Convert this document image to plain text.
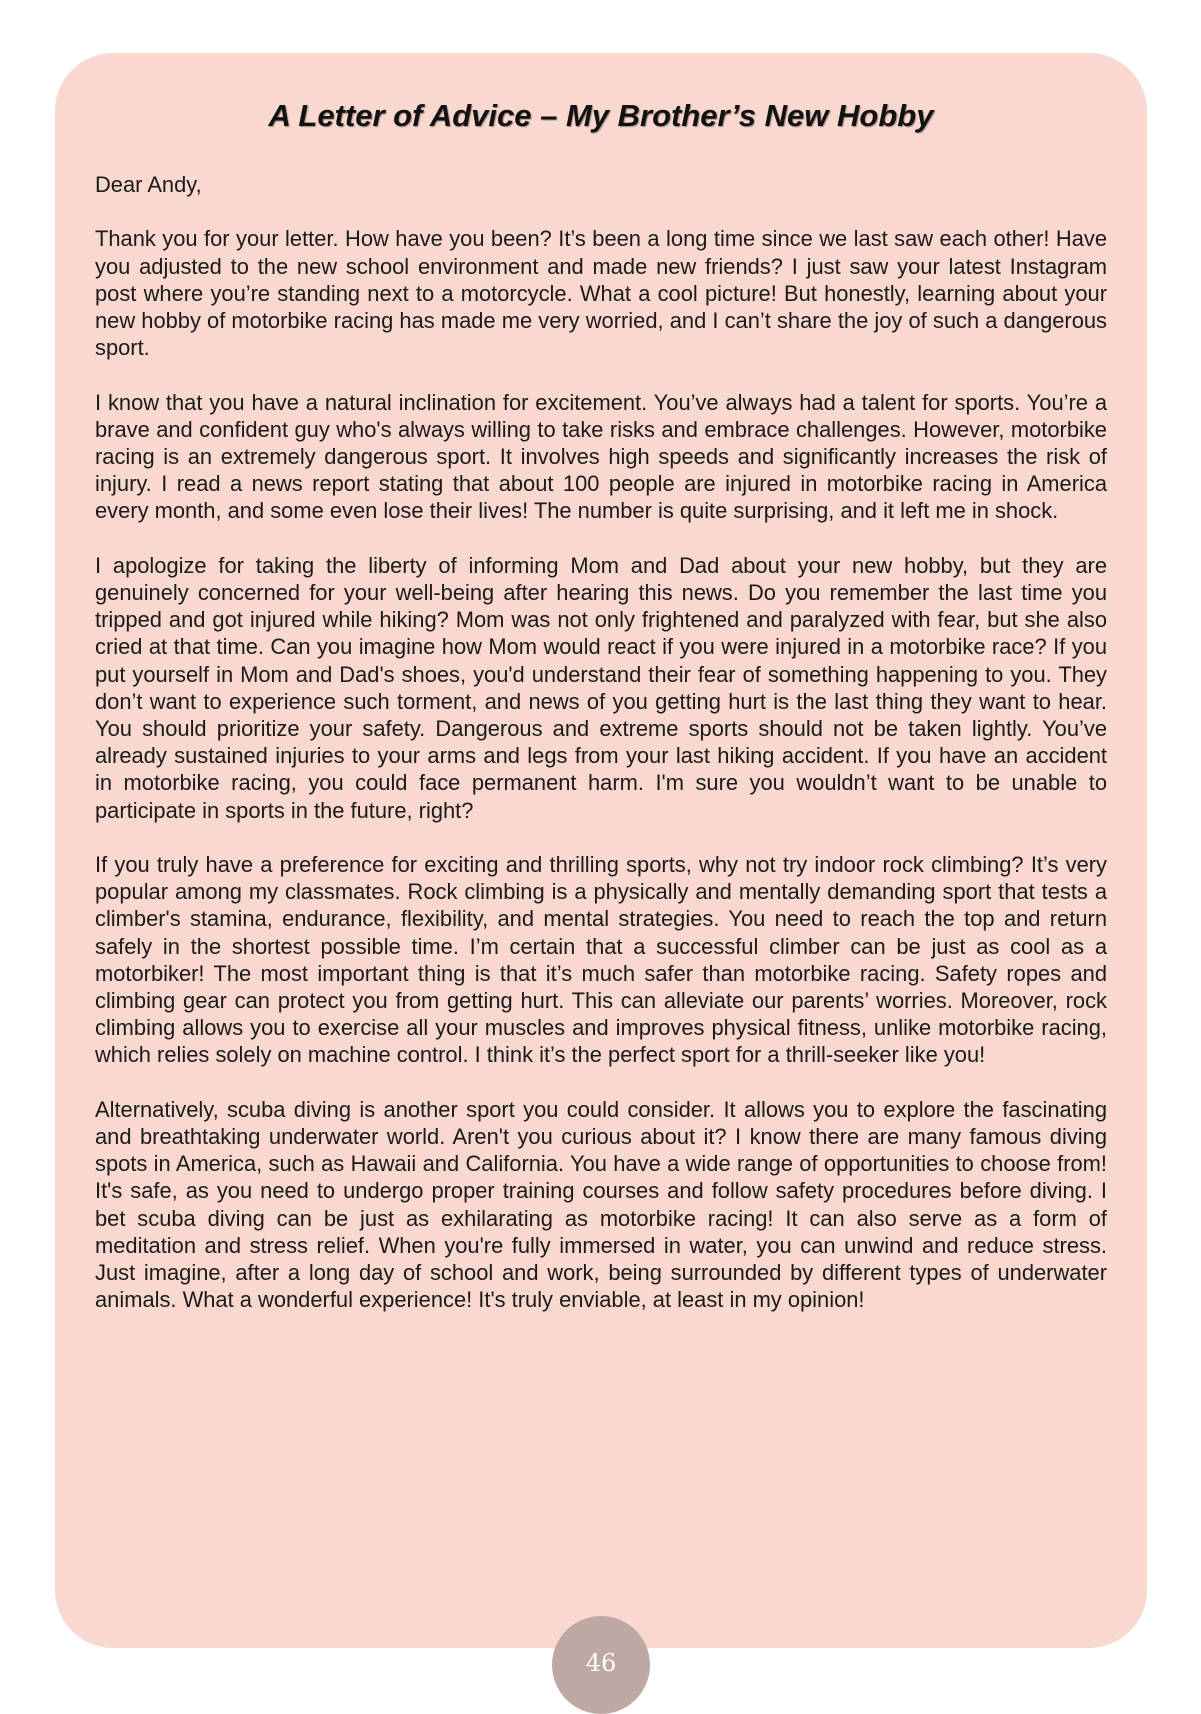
A Letter of Advice – My Brother’s New Hobby

Dear Andy,

Thank you for your letter. How have you been? It’s been a long time since we last saw each other! Have you adjusted to the new school environment and made new friends? I just saw your latest Instagram post where you’re standing next to a motorcycle. What a cool picture! But honestly, learning about your new hobby of motorbike racing has made me very worried, and I can’t share the joy of such a dangerous sport.

I know that you have a natural inclination for excitement. You’ve always had a talent for sports. You’re a brave and confident guy who's always willing to take risks and embrace challenges. However, motorbike racing is an extremely dangerous sport. It involves high speeds and significantly increases the risk of injury. I read a news report stating that about 100 people are injured in motorbike racing in America every month, and some even lose their lives! The number is quite surprising, and it left me in shock.

I apologize for taking the liberty of informing Mom and Dad about your new hobby, but they are genuinely concerned for your well-being after hearing this news. Do you remember the last time you tripped and got injured while hiking? Mom was not only frightened and paralyzed with fear, but she also cried at that time. Can you imagine how Mom would react if you were injured in a motorbike race? If you put yourself in Mom and Dad's shoes, you'd understand their fear of something happening to you. They don’t want to experience such torment, and news of you getting hurt is the last thing they want to hear. You should prioritize your safety. Dangerous and extreme sports should not be taken lightly. You’ve already sustained injuries to your arms and legs from your last hiking accident. If you have an accident in motorbike racing, you could face permanent harm. I'm sure you wouldn’t want to be unable to participate in sports in the future, right?

If you truly have a preference for exciting and thrilling sports, why not try indoor rock climbing? It’s very popular among my classmates. Rock climbing is a physically and mentally demanding sport that tests a climber's stamina, endurance, flexibility, and mental strategies. You need to reach the top and return safely in the shortest possible time. I’m certain that a successful climber can be just as cool as a motorbiker! The most important thing is that it’s much safer than motorbike racing. Safety ropes and climbing gear can protect you from getting hurt. This can alleviate our parents’ worries. Moreover, rock climbing allows you to exercise all your muscles and improves physical fitness, unlike motorbike racing, which relies solely on machine control. I think it’s the perfect sport for a thrill-seeker like you!

Alternatively, scuba diving is another sport you could consider. It allows you to explore the fascinating and breathtaking underwater world. Aren't you curious about it? I know there are many famous diving spots in America, such as Hawaii and California. You have a wide range of opportunities to choose from! It's safe, as you need to undergo proper training courses and follow safety procedures before diving. I bet scuba diving can be just as exhilarating as motorbike racing! It can also serve as a form of meditation and stress relief. When you're fully immersed in water, you can unwind and reduce stress. Just imagine, after a long day of school and work, being surrounded by different types of underwater animals. What a wonderful experience! It's truly enviable, at least in my opinion!

46
